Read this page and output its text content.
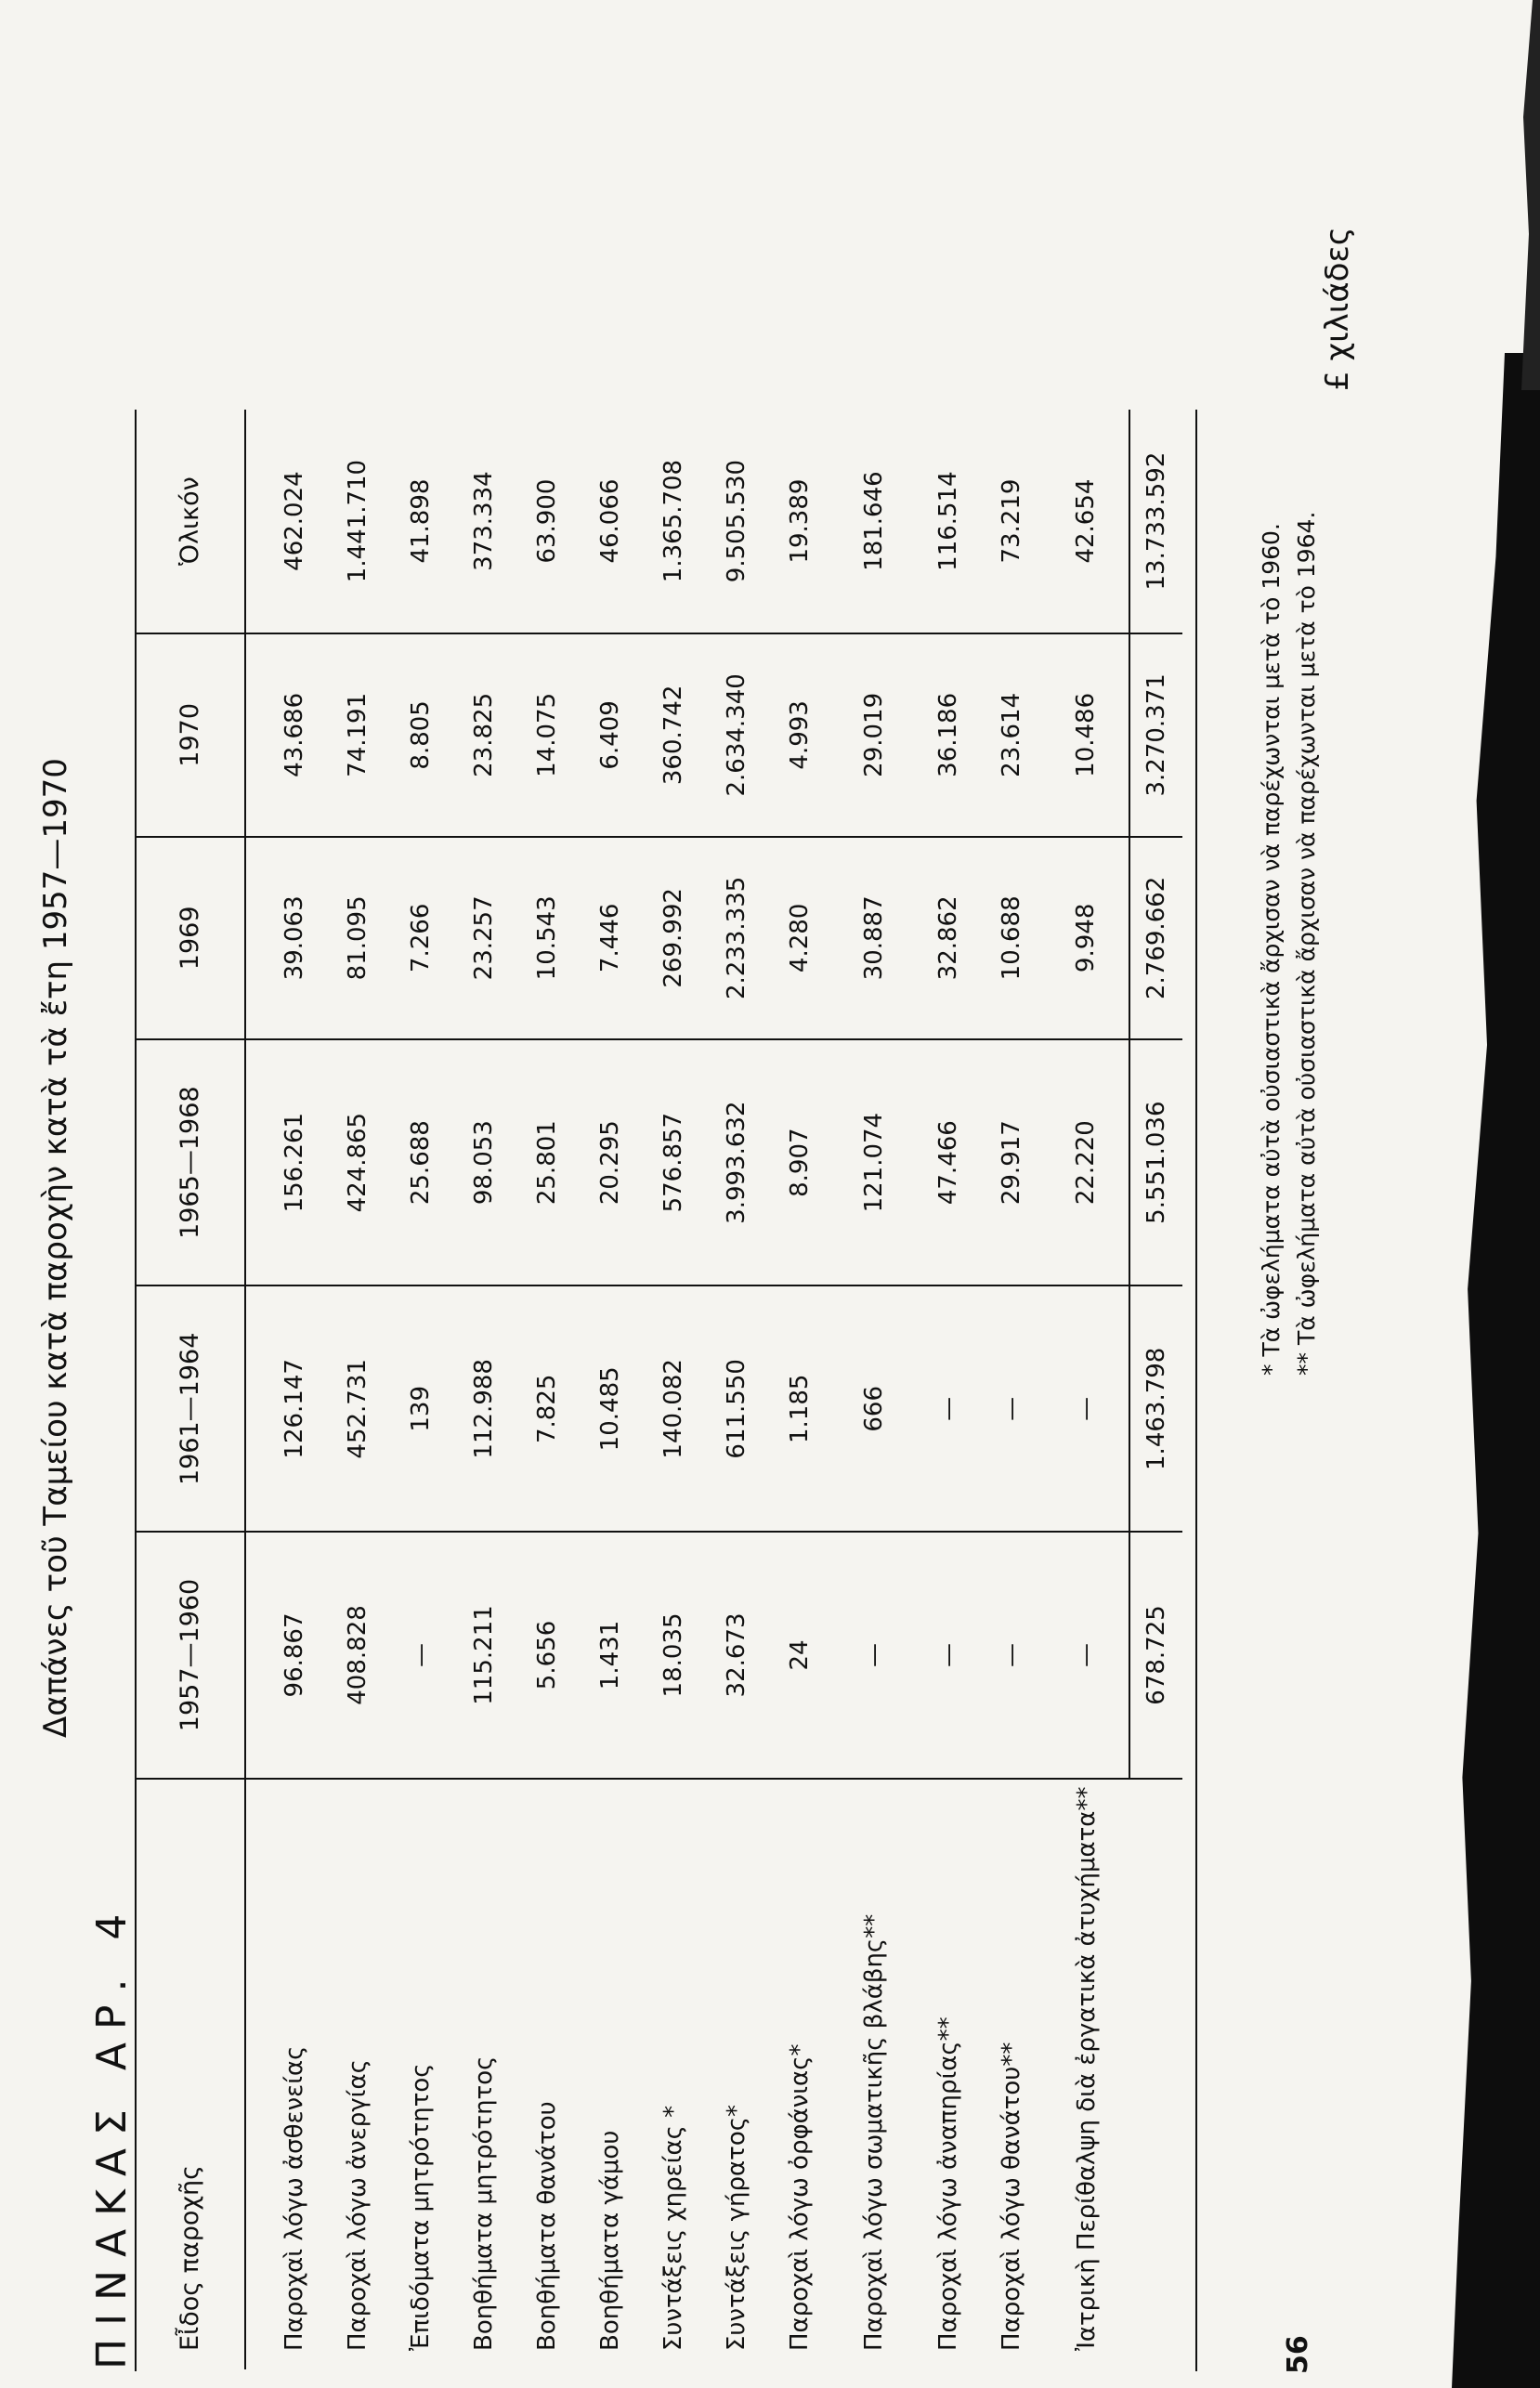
Δαπάνες τοῦ Ταμείου κατὰ παροχὴν κατὰ τὰ ἔτη 1957—1970
ΠΙΝΑΚΑΣ ΑΡ. 4
£ χιλιάδες
Εἶδος παροχῆς	1957—1960	1961—1964	1965—1968	1969	1970	Ὁλικόν
Παροχαὶ λόγω ἀσθενείας	96.867	126.147	156.261	39.063	43.686	462.024
Παροχαὶ λόγω ἀνεργίας	408.828	452.731	424.865	81.095	74.191	1.441.710
Ἐπιδόματα μητρότητος	—	139	25.688	7.266	8.805	41.898
Βοηθήματα μητρότητος	115.211	112.988	98.053	23.257	23.825	373.334
Βοηθήματα θανάτου	5.656	7.825	25.801	10.543	14.075	63.900
Βοηθήματα γάμου	1.431	10.485	20.295	7.446	6.409	46.066
Συντάξεις χηρείας *	18.035	140.082	576.857	269.992	360.742	1.365.708
Συντάξεις γήρατος*	32.673	611.550	3.993.632	2.233.335	2.634.340	9.505.530
Παροχαὶ λόγω ὀρφάνιας*	24	1.185	8.907	4.280	4.993	19.389
Παροχαὶ λόγω σωματικῆς βλάβης**	—	666	121.074	30.887	29.019	181.646
Παροχαὶ λόγω ἀναπηρίας**	—	—	47.466	32.862	36.186	116.514
Παροχαὶ λόγω θανάτου**	—	—	29.917	10.688	23.614	73.219
Ἰατρικὴ Περίθαλψη διὰ ἐργατικὰ ἀτυχήματα**	—	—	22.220	9.948	10.486	42.654
	678.725	1.463.798	5.551.036	2.769.662	3.270.371	13.733.592
* Τὰ ὠφελήματα αὐτὰ οὐσιαστικὰ ἄρχισαν νὰ παρέχωνται μετὰ τὸ 1960. ** Τὰ ὠφελήματα αὐτὰ οὐσιαστικὰ ἄρχισαν νὰ παρέχωνται μετὰ τὸ 1964.
56
